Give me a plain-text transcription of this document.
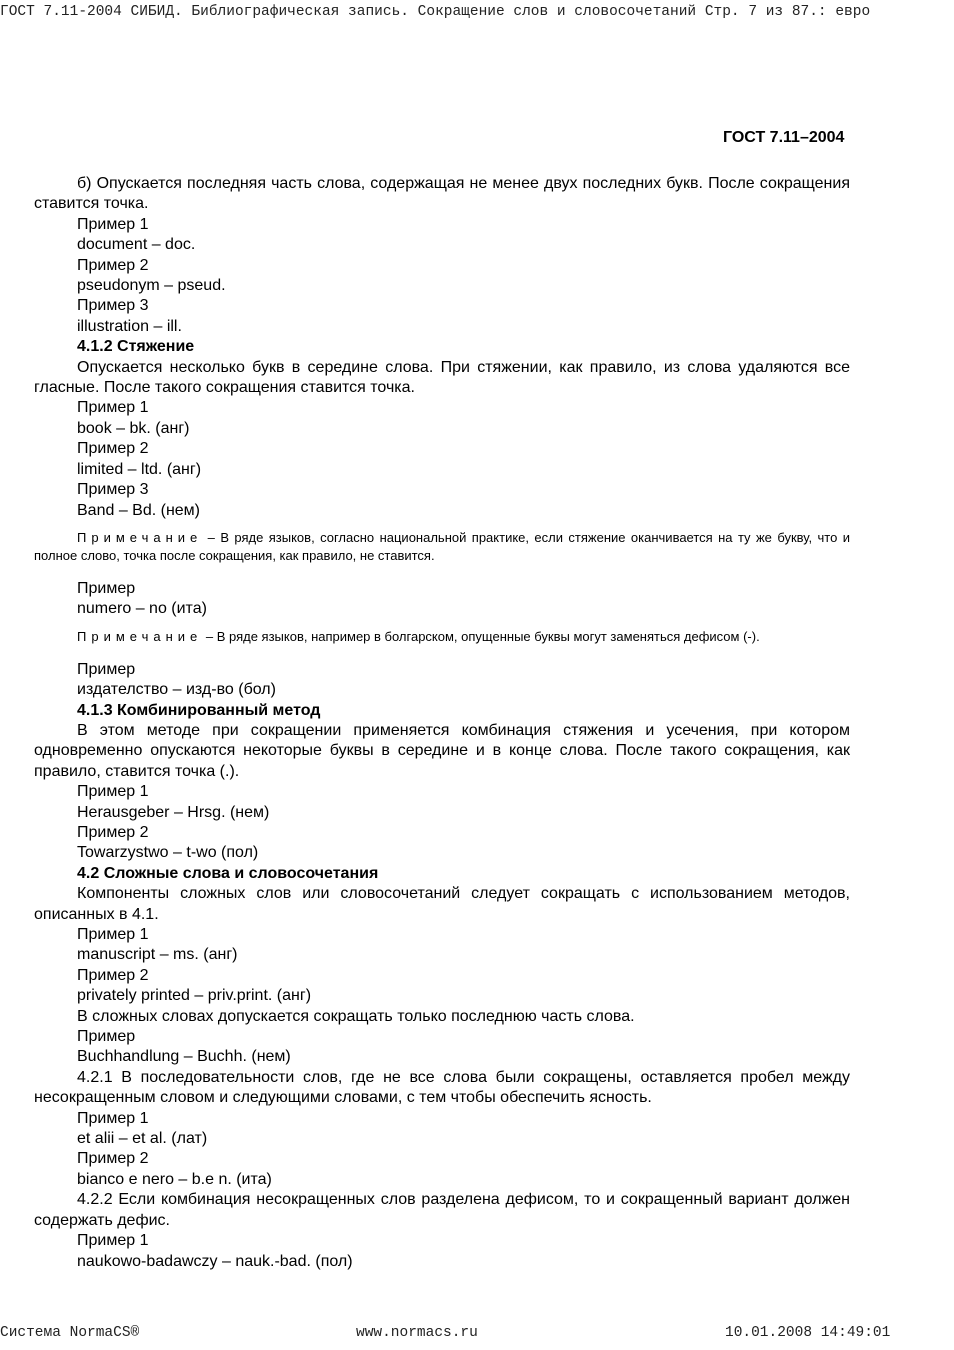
ГОСТ 7.11-2004 СИБИД. Библиографическая запись. Сокращение слов и словосочетаний Стр. 7 из 87.: евро
ГОСТ 7.11–2004

б) Опускается последняя часть слова, содержащая не менее двух последних букв. После сокращения ставится точка.

Пример 1

document – doc.

Пример 2

pseudonym – pseud.

Пример 3

illustration – ill.

4.1.2 Стяжение

Опускается несколько букв в середине слова. При стяжении, как правило, из слова удаляются все гласные. После такого сокращения ставится точка.

Пример 1

book – bk. (анг)

Пример 2

limited – ltd. (анг)

Пример 3

Band – Bd. (нем)

Примечание – В ряде языков, согласно национальной практике, если стяжение оканчивается на ту же букву, что и полное слово, точка после сокращения, как правило, не ставится.

Пример

numero – no (ита)

Примечание – В ряде языков, например в болгарском, опущенные буквы могут заменяться дефисом (-).

Пример

издателство – изд-во (бол)

4.1.3 Комбинированный метод

В этом методе при сокращении применяется комбинация стяжения и усечения, при котором одновременно опускаются некоторые буквы в середине и в конце слова. После такого сокращения, как правило, ставится точка (.).

Пример 1

Herausgeber – Hrsg. (нем)

Пример 2

Towarzystwo – t-wo (пол)

4.2 Сложные слова и словосочетания

Компоненты сложных слов или словосочетаний следует сокращать с использованием методов, описанных в 4.1.

Пример 1

manuscript – ms. (анг)

Пример 2

privately printed – priv.print. (анг)

В сложных словах допускается сокращать только последнюю часть слова.

Пример

Buchhandlung – Buchh. (нем)

4.2.1 В последовательности слов, где не все слова были сокращены, оставляется пробел между несокращенным словом и следующими словами, с тем чтобы обеспечить ясность.

Пример 1

et alii – et al. (лат)

Пример 2

bianco e nero – b.e n. (ита)

4.2.2 Если комбинация несокращенных слов разделена дефисом, то и сокращенный вариант должен содержать дефис.

Пример 1

naukowo-badawczy – nauk.-bad. (пол)

Система NormaCS®	www.normacs.ru	10.01.2008 14:49:01
